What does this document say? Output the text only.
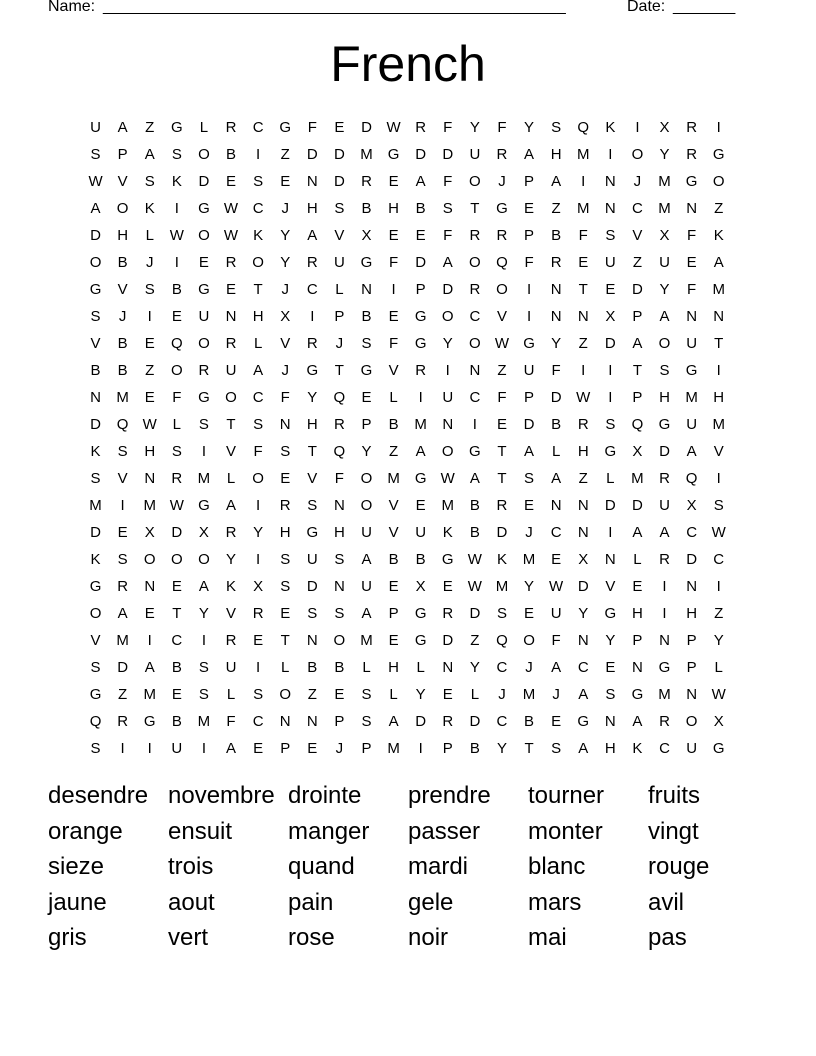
Name: ____________________________________________________	Date: _______
French
U	A	Z	G	L	R	C	G	F	E	D W R	F	Y	F	Y	S	Q	K	I	X	R	I
S	P	A	S	O	B	I	Z	D	D	M	G	D	D	U	R	A	H	M	I	O	Y	R	G
W	V	S	K	D	E	S	E	N	D	R	E	A	F	O	J	P	A	I	N	J	M	G	O
A	O	K	I	G W C	J	H	S	B	H	B	S	T	G	E	Z	M	N	C	M	N	Z
D	H	L	W O W	K	Y	A	V	X	E	E	F	R	R	P	B	F	S	V	X	F	K
O	B	J	I	E	R	O	Y	R	U	G	F	D	A	O	Q	F	R	E	U	Z	U	E	A
G	V	S	B	G	E	T	J	C	L	N	I	P	D	R	O	I	N	T	E	D	Y	F	M
S	J	I	E	U	N	H	X	I	P	B	E	G	O	C	V	I	N	N	X	P	A	N	N
V	B	E	Q	O	R	L	V	R	J	S	F	G	Y	O W G	Y	Z	D	A	O	U	T
B	B	Z	O	R	U	A	J	G	T	G	V	R	I	N	Z	U	F	I	I	T	S	G	I
N	M	E	F	G	O	C	F	Y	Q	E	L	I	U	C	F	P	D W	I	P	H	M	H
D	Q W	L	S	T	S	N	H	R	P	B	M	N	I	E	D	B	R	S	Q	G	U	M
K	S	H	S	I	V	F	S	T	Q	Y	Z	A	O	G	T	A	L	H	G	X	D	A	V
S	V	N	R	M	L	O	E	V	F	O	M	G W	A	T	S	A	Z	L	M	R	Q	I
M	I	M W G	A	I	R	S	N	O	V	E	M	B	R	E	N	N	D	D	U	X	S
D	E	X	D	X	R	Y	H	G	H	U	V	U	K	B	D	J	C	N	I	A	A	C W
K	S	O	O	O	Y	I	S	U	S	A	B	B	G W	K	M	E	X	N	L	R	D	C
G	R	N	E	A	K	X	S	D	N	U	E	X	E	W M	Y	W D	V	E	I	N	I
O	A	E	T	Y	V	R	E	S	S	A	P	G	R	D	S	E	U	Y	G	H	I	H	Z
V	M	I	C	I	R	E	T	N	O	M	E	G	D	Z	Q	O	F	N	Y	P	N	P	Y
S	D	A	B	S	U	I	L	B	B	L	H	L	N	Y	C	J	A	C	E	N	G	P	L
G	Z	M	E	S	L	S	O	Z	E	S	L	Y	E	L	J	M	J	A	S	G	M	N W
Q	R	G	B	M	F	C	N	N	P	S	A	D	R	D	C	B	E	G	N	A	R	O	X
S	I	I	U	I	A	E	P	E	J	P	M	I	P	B	Y	T	S	A	H	K	C	U	G
desendre novembre drointe	prendre	tourner	fruits
orange	ensuit	manger	passer	monter	vingt
sieze	trois	quand	mardi	blanc	rouge
jaune	aout	pain	gele	mars	avil
gris	vert	rose	noir	mai	pas
